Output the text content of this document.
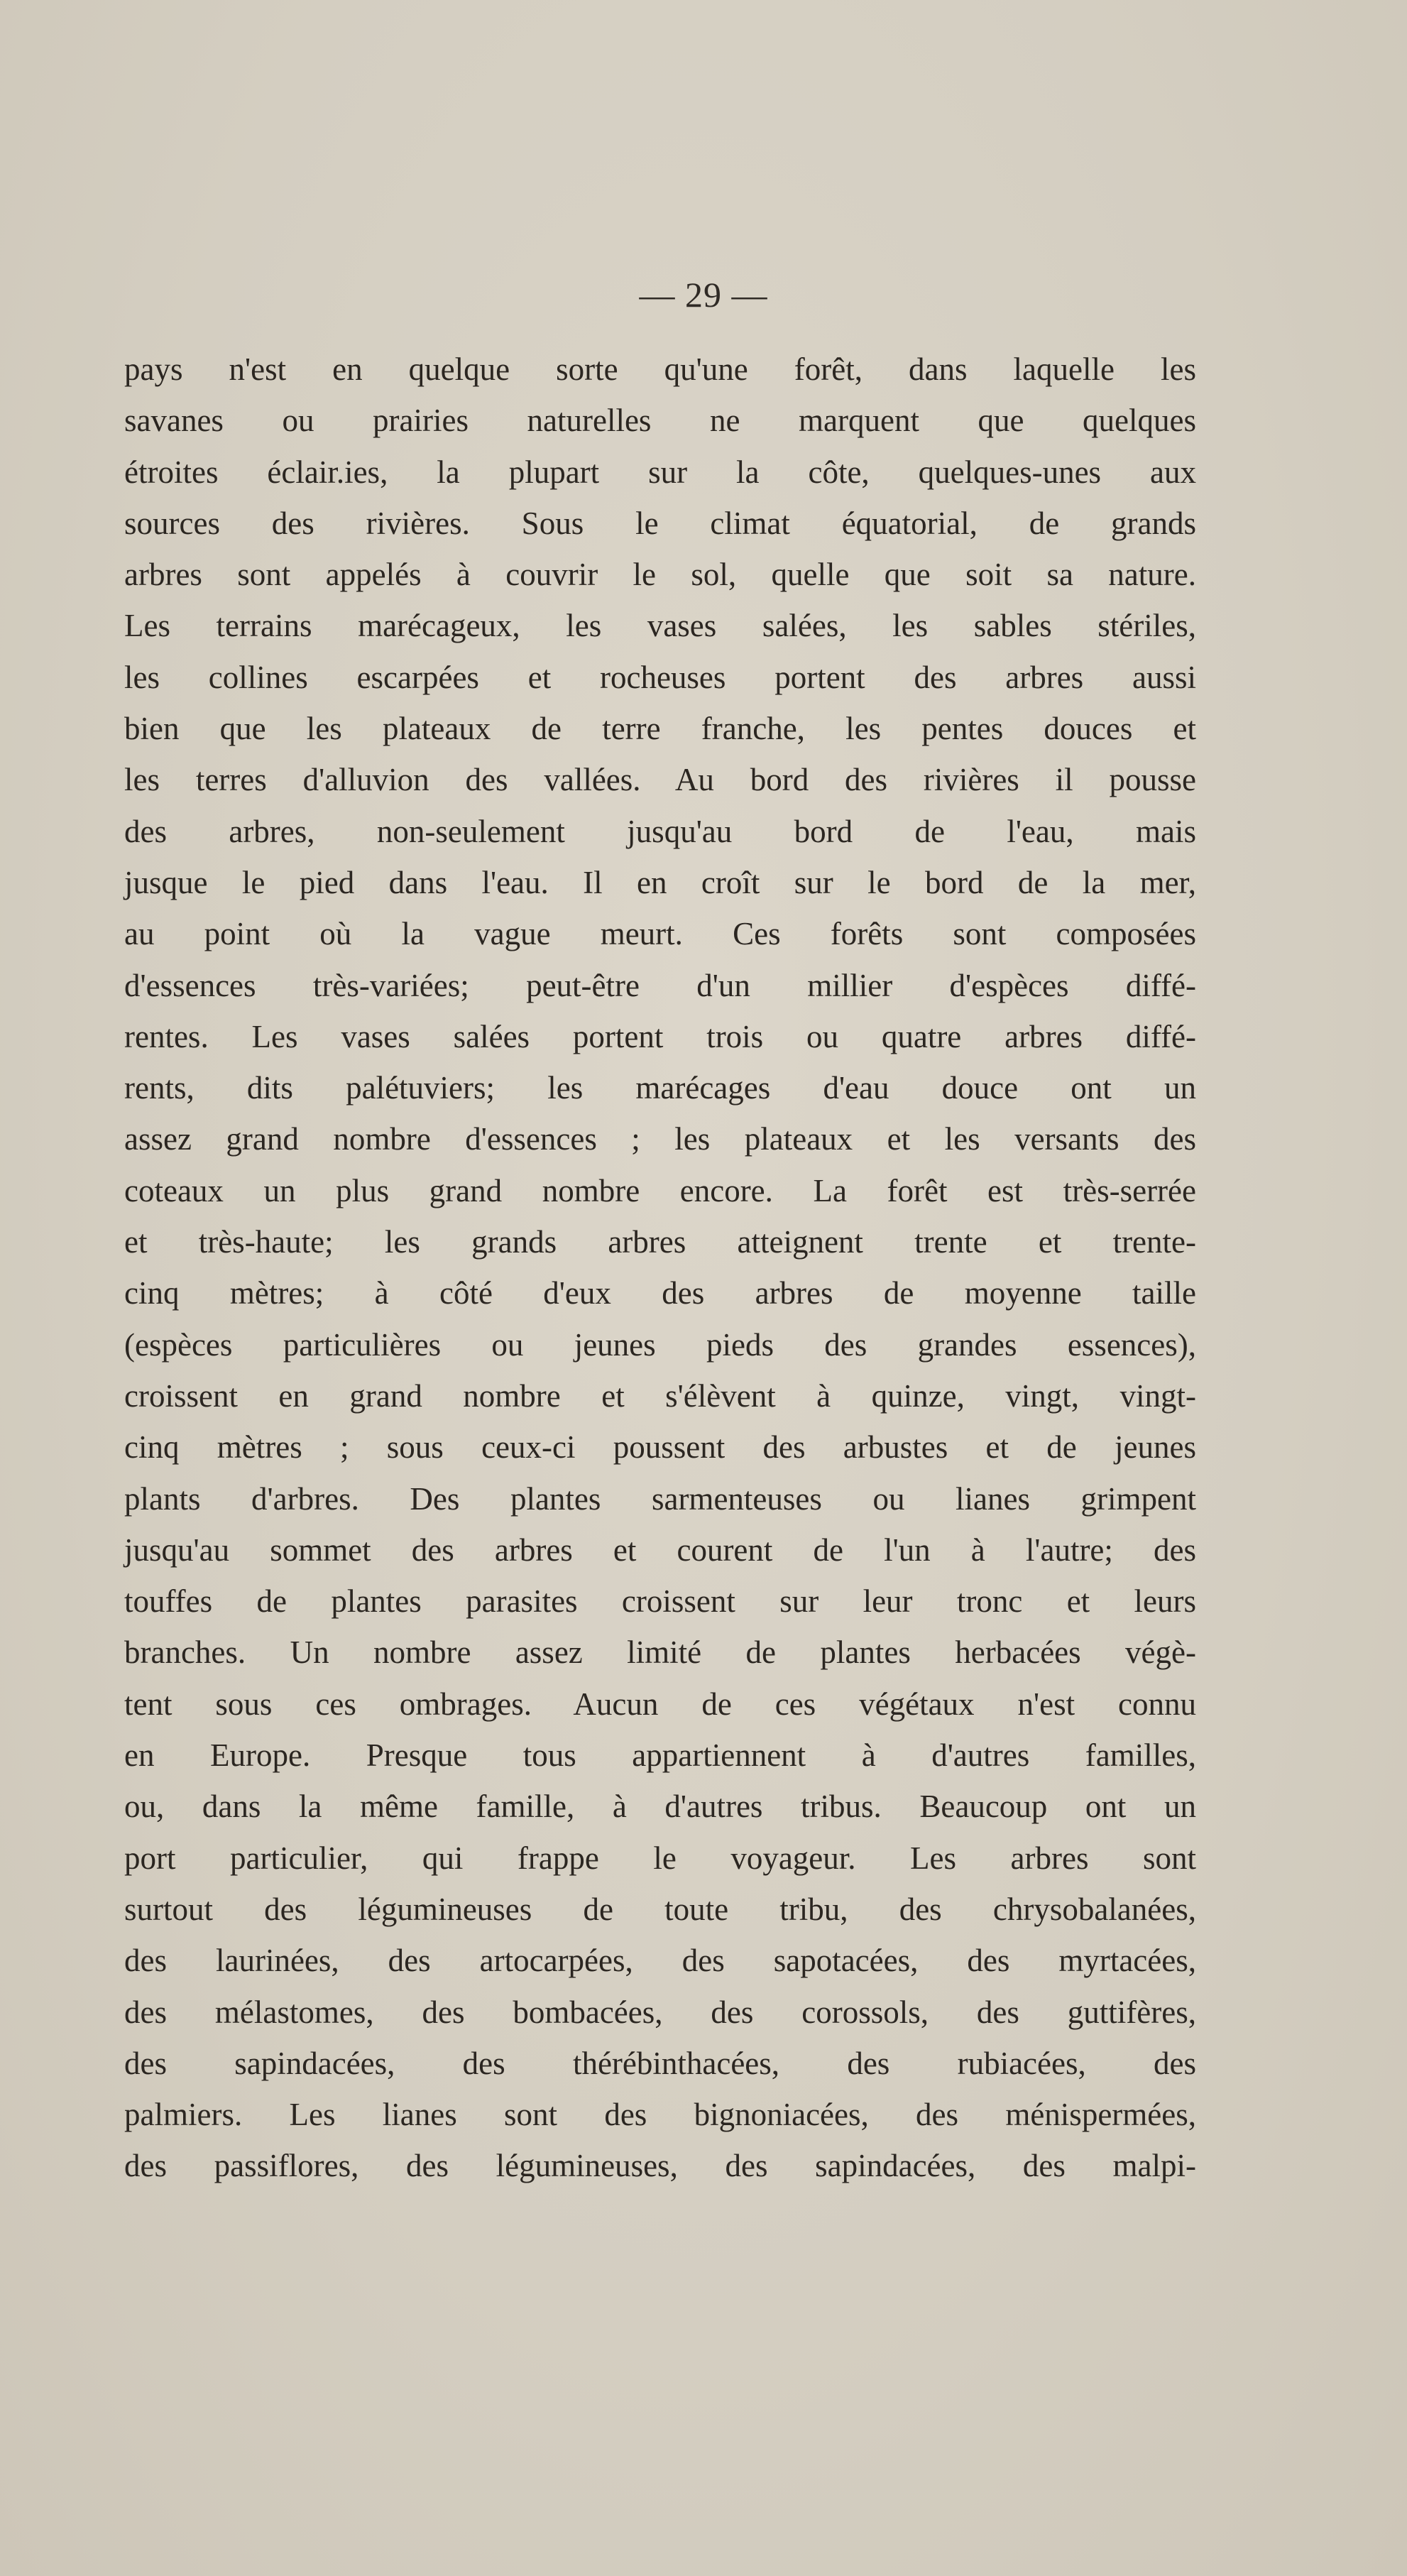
— 29 —
pays n'est en quelque sorte qu'une forêt, dans laquelle les
savanes ou prairies naturelles ne marquent que quelques
étroites éclair.ies, la plupart sur la côte, quelques-unes aux
sources des rivières. Sous le climat équatorial, de grands
arbres sont appelés à couvrir le sol, quelle que soit sa nature.
Les terrains marécageux, les vases salées, les sables stériles,
les collines escarpées et rocheuses portent des arbres aussi
bien que les plateaux de terre franche, les pentes douces et
les terres d'alluvion des vallées. Au bord des rivières il pousse
des arbres, non-seulement jusqu'au bord de l'eau, mais
jusque le pied dans l'eau. Il en croît sur le bord de la mer,
au point où la vague meurt. Ces forêts sont composées
d'essences très-variées; peut-être d'un millier d'espèces diffé-
rentes. Les vases salées portent trois ou quatre arbres diffé-
rents, dits palétuviers; les marécages d'eau douce ont un
assez grand nombre d'essences ; les plateaux et les versants des
coteaux un plus grand nombre encore. La forêt est très-serrée
et très-haute; les grands arbres atteignent trente et trente-
cinq mètres; à côté d'eux des arbres de moyenne taille
(espèces particulières ou jeunes pieds des grandes essences),
croissent en grand nombre et s'élèvent à quinze, vingt, vingt-
cinq mètres ; sous ceux-ci poussent des arbustes et de jeunes
plants d'arbres. Des plantes sarmenteuses ou lianes grimpent
jusqu'au sommet des arbres et courent de l'un à l'autre; des
touffes de plantes parasites croissent sur leur tronc et leurs
branches. Un nombre assez limité de plantes herbacées végè-
tent sous ces ombrages. Aucun de ces végétaux n'est connu
en Europe. Presque tous appartiennent à d'autres familles,
ou, dans la même famille, à d'autres tribus. Beaucoup ont un
port particulier, qui frappe le voyageur. Les arbres sont
surtout des légumineuses de toute tribu, des chrysobalanées,
des laurinées, des artocarpées, des sapotacées, des myrtacées,
des mélastomes, des bombacées, des corossols, des guttifères,
des sapindacées, des thérébinthacées, des rubiacées, des
palmiers. Les lianes sont des bignoniacées, des ménispermées,
des passiflores, des légumineuses, des sapindacées, des malpi-
